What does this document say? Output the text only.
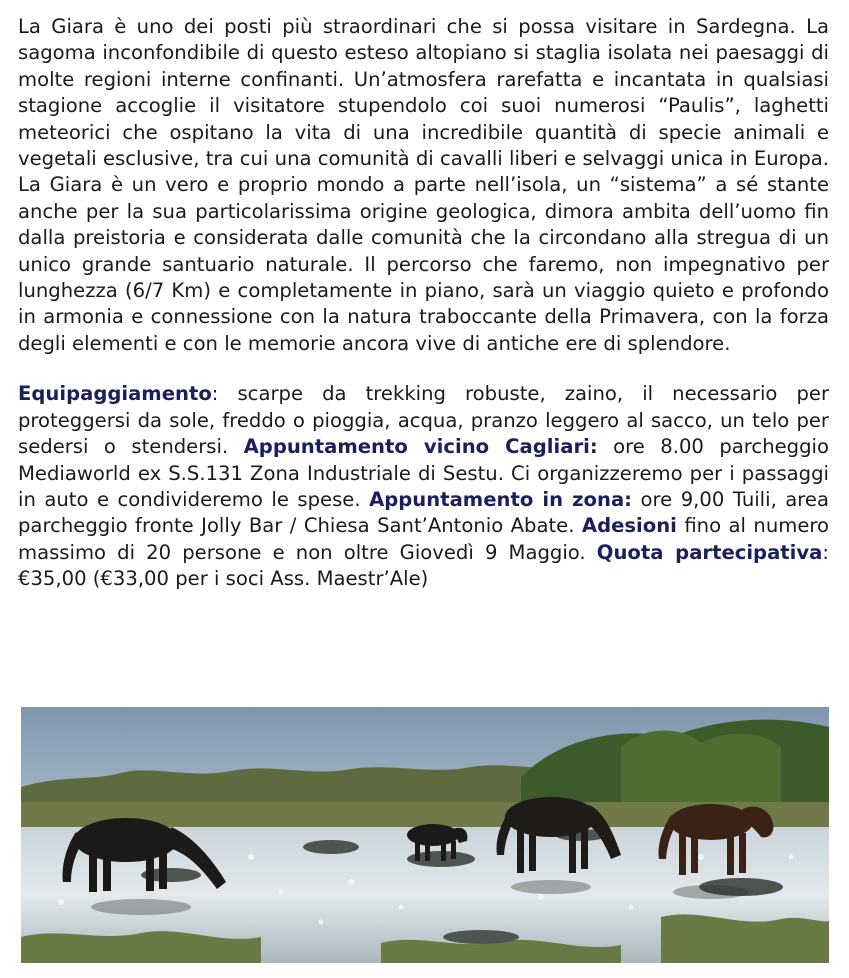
La Giara è uno dei posti più straordinari che si possa visitare in Sardegna. La sagoma inconfondibile di questo esteso altopiano si staglia isolata nei paesaggi di molte regioni interne confinanti. Un’atmosfera rarefatta e incantata in qualsiasi stagione accoglie il visitatore stupendolo coi suoi numerosi “Paulis”, laghetti meteorici che ospitano la vita di una incredibile quantità di specie animali e vegetali esclusive, tra cui una comunità di cavalli liberi e selvaggi unica in Europa. La Giara è un vero e proprio mondo a parte nell’isola, un “sistema” a sé stante anche per la sua particolarissima origine geologica, dimora ambita dell’uomo fin dalla preistoria e considerata dalle comunità che la circondano alla stregua di un unico grande santuario naturale. Il percorso che faremo, non impegnativo per lunghezza (6/7 Km) e completamente in piano, sarà un viaggio quieto e profondo in armonia e connessione con la natura traboccante della Primavera, con la forza degli elementi e con le memorie ancora vive di antiche ere di splendore.

Equipaggiamento: scarpe da trekking robuste, zaino, il necessario per proteggersi da sole, freddo o pioggia, acqua, pranzo leggero al sacco, un telo per sedersi o stendersi. Appuntamento vicino Cagliari: ore 8.00 parcheggio Mediaworld ex S.S.131 Zona Industriale di Sestu. Ci organizzeremo per i passaggi in auto e condivideremo le spese. Appuntamento in zona: ore 9,00 Tuili, area parcheggio fronte Jolly Bar / Chiesa Sant’Antonio Abate. Adesioni fino al numero massimo di 20 persone e non oltre Giovedì 9 Maggio. Quota partecipativa: €35,00 (€33,00 per i soci Ass. Maestr’Ale)
